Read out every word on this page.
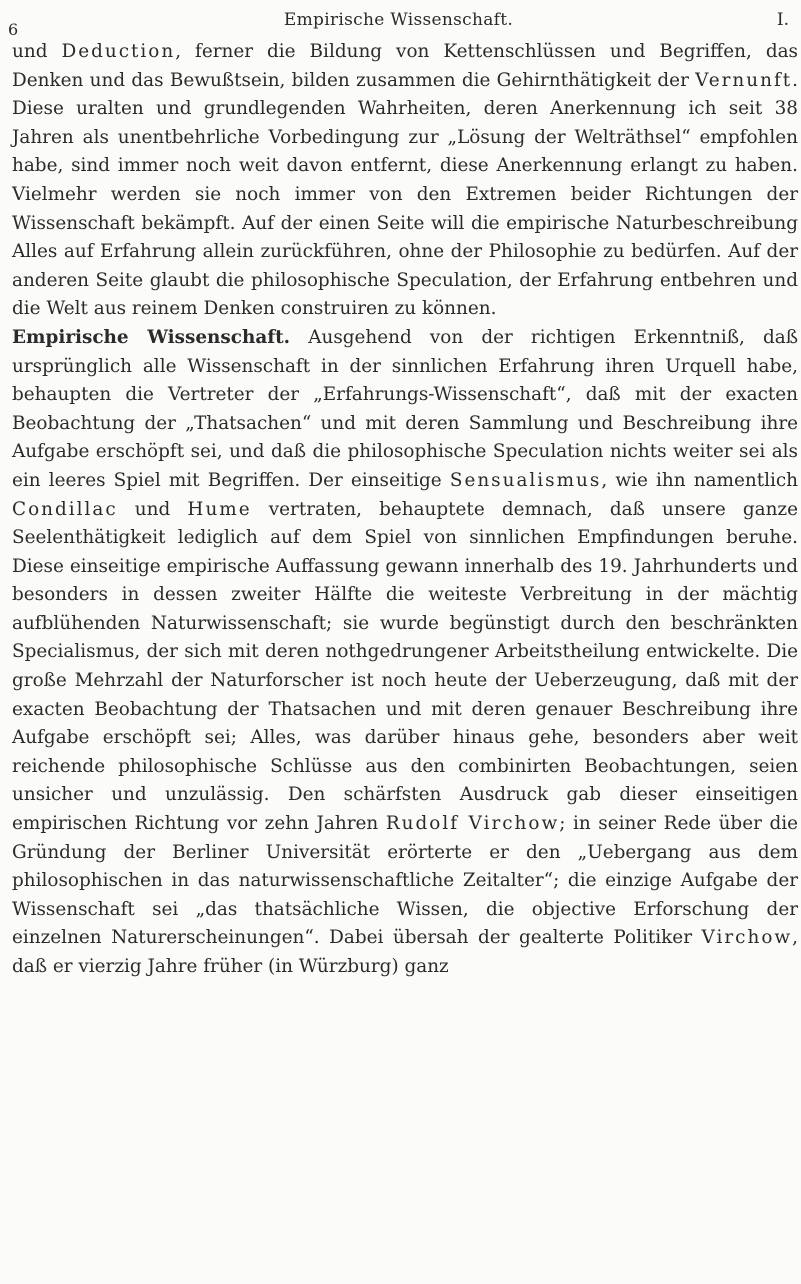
6	Empirische Wissenschaft.	I.

und Deduction, ferner die Bildung von Kettenschlüssen und Begriffen, das Denken und das Bewußtsein, bilden zusammen die Gehirnthätigkeit der Vernunft. Diese uralten und grundlegenden Wahrheiten, deren Anerkennung ich seit 38 Jahren als unentbehrliche Vorbedingung zur „Lösung der Welträthsel“ empfohlen habe, sind immer noch weit davon entfernt, diese Anerkennung erlangt zu haben. Vielmehr werden sie noch immer von den Extremen beider Richtungen der Wissenschaft bekämpft. Auf der einen Seite will die empirische Naturbeschreibung Alles auf Erfahrung allein zurückführen, ohne der Philosophie zu bedürfen. Auf der anderen Seite glaubt die philosophische Speculation, der Erfahrung entbehren und die Welt aus reinem Denken construiren zu können.

Empirische Wissenschaft. Ausgehend von der richtigen Erkenntniß, daß ursprünglich alle Wissenschaft in der sinnlichen Erfahrung ihren Urquell habe, behaupten die Vertreter der „Erfahrungs-Wissenschaft“, daß mit der exacten Beobachtung der „Thatsachen“ und mit deren Sammlung und Beschreibung ihre Aufgabe erschöpft sei, und daß die philosophische Speculation nichts weiter sei als ein leeres Spiel mit Begriffen. Der einseitige Sensualismus, wie ihn namentlich Condillac und Hume vertraten, behauptete demnach, daß unsere ganze Seelenthätigkeit lediglich auf dem Spiel von sinnlichen Empfindungen beruhe. Diese einseitige empirische Auffassung gewann innerhalb des 19. Jahrhunderts und besonders in dessen zweiter Hälfte die weiteste Verbreitung in der mächtig aufblühenden Naturwissenschaft; sie wurde begünstigt durch den beschränkten Specialismus, der sich mit deren nothgedrungener Arbeitstheilung entwickelte. Die große Mehrzahl der Naturforscher ist noch heute der Ueberzeugung, daß mit der exacten Beobachtung der Thatsachen und mit deren genauer Beschreibung ihre Aufgabe erschöpft sei; Alles, was darüber hinaus gehe, besonders aber weit reichende philosophische Schlüsse aus den combinirten Beobachtungen, seien unsicher und unzulässig. Den schärfsten Ausdruck gab dieser einseitigen empirischen Richtung vor zehn Jahren Rudolf Virchow; in seiner Rede über die Gründung der Berliner Universität erörterte er den „Uebergang aus dem philosophischen in das naturwissenschaftliche Zeitalter“; die einzige Aufgabe der Wissenschaft sei „das thatsächliche Wissen, die objective Erforschung der einzelnen Naturerscheinungen“. Dabei übersah der gealterte Politiker Virchow, daß er vierzig Jahre früher (in Würzburg) ganz
